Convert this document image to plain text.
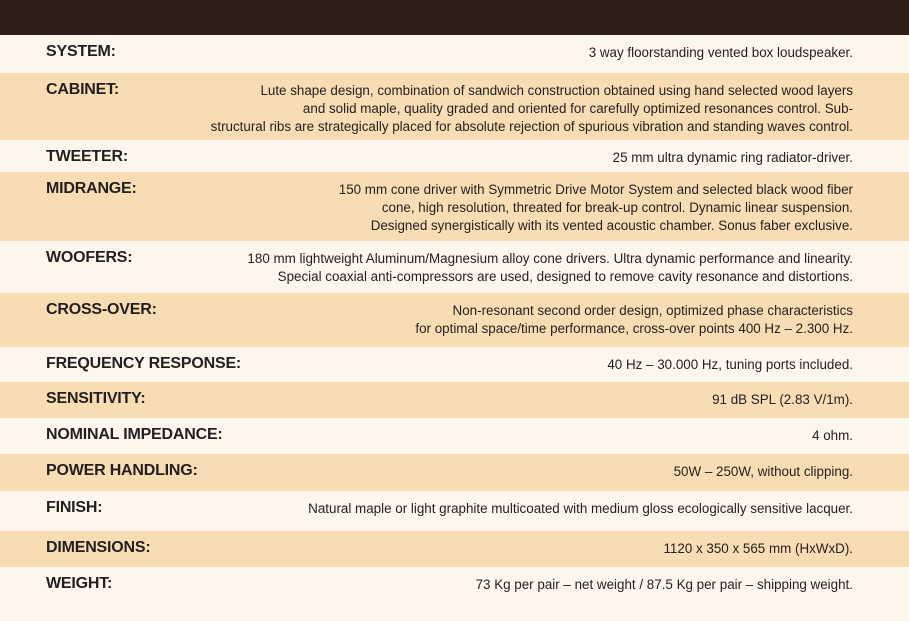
SYSTEM:	3 way floorstanding vented box loudspeaker.
CABINET:	Lute shape design, combination of sandwich construction obtained using hand selected wood layers
and solid maple, quality graded and oriented for carefully optimized resonances control. Sub-
structural ribs are strategically placed for absolute rejection of spurious vibration and standing waves control.
TWEETER:	25 mm ultra dynamic ring radiator-driver.
MIDRANGE:	150 mm cone driver with Symmetric Drive Motor System and selected black wood fiber
cone, high resolution, threated for break-up control. Dynamic linear suspension.
Designed synergistically with its vented acoustic chamber. Sonus faber exclusive.
WOOFERS:	180 mm lightweight Aluminum/Magnesium alloy cone drivers. Ultra dynamic performance and linearity.
Special coaxial anti-compressors are used, designed to remove cavity resonance and distortions.
CROSS-OVER:	Non-resonant second order design, optimized phase characteristics
for optimal space/time performance, cross-over points 400 Hz – 2.300 Hz.
FREQUENCY RESPONSE:	40 Hz – 30.000 Hz, tuning ports included.
SENSITIVITY:	91 dB SPL (2.83 V/1m).
NOMINAL IMPEDANCE:	4 ohm.
POWER HANDLING:	50W – 250W, without clipping.
FINISH:	Natural maple or light graphite multicoated with medium gloss ecologically sensitive lacquer.
DIMENSIONS:	1120 x 350 x 565 mm (HxWxD).
WEIGHT:	73 Kg per pair – net weight / 87.5 Kg per pair – shipping weight.
